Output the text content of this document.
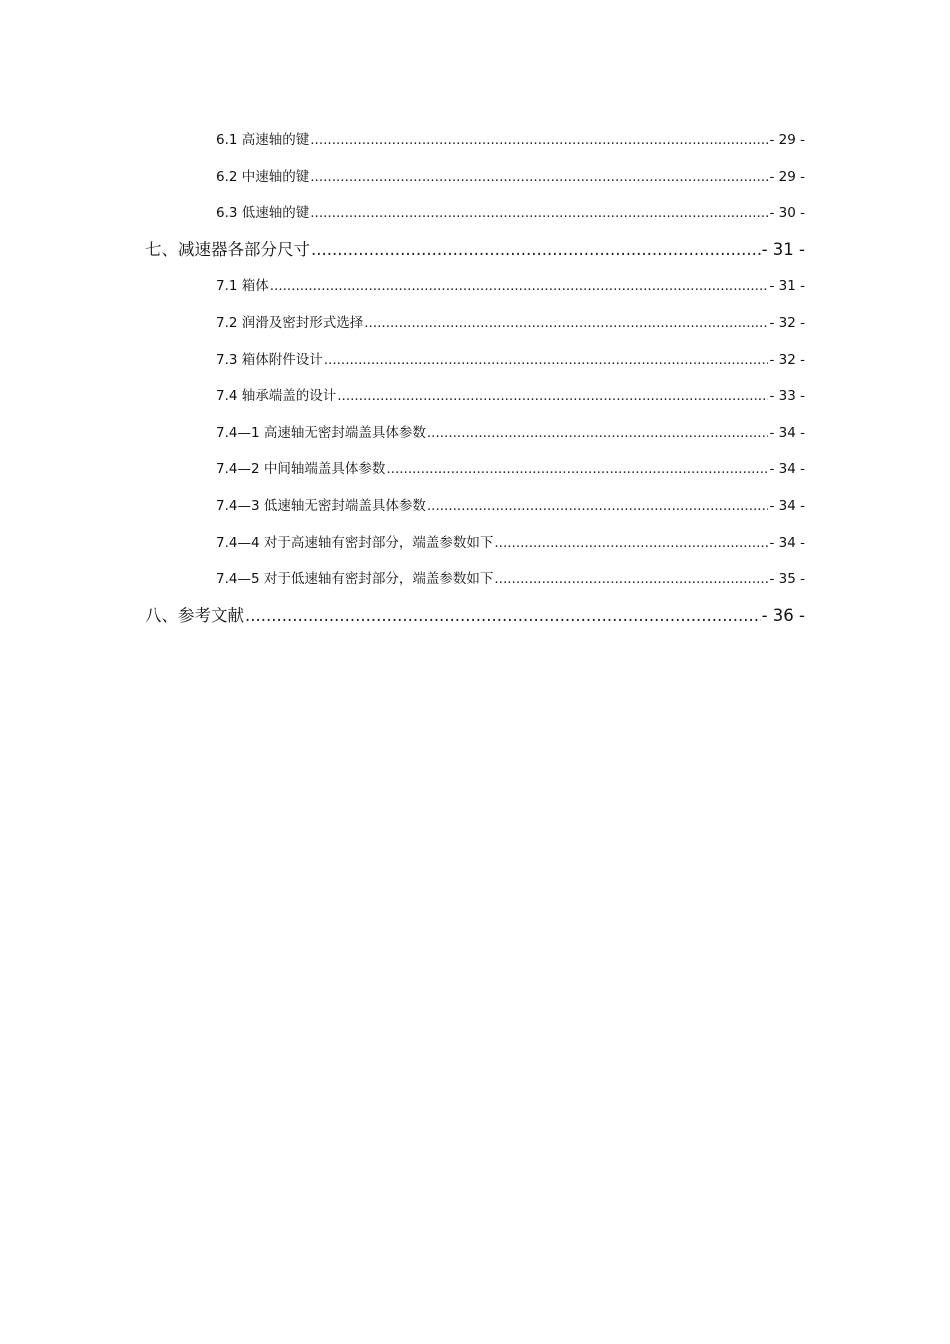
6.1 高速轴的键 .....	- 29 -
6.2 中速轴的键 .....	- 29 -
6.3 低速轴的键 .....	- 30 -
七、减速器各部分尺寸 .....	- 31 -
7.1 箱体 .....	- 31 -
7.2 润滑及密封形式选择 .....	- 32 -
7.3 箱体附件设计 .....	- 32 -
7.4 轴承端盖的设计 .....	- 33 -
7.4—1 高速轴无密封端盖具体参数 .....	- 34 -
7.4—2 中间轴端盖具体参数 .....	- 34 -
7.4—3 低速轴无密封端盖具体参数 .....	- 34 -
7.4—4 对于高速轴有密封部分，端盖参数如下 .....	- 34 -
7.4—5 对于低速轴有密封部分，端盖参数如下 .....	- 35 -
八、参考文献 .....	- 36 -
